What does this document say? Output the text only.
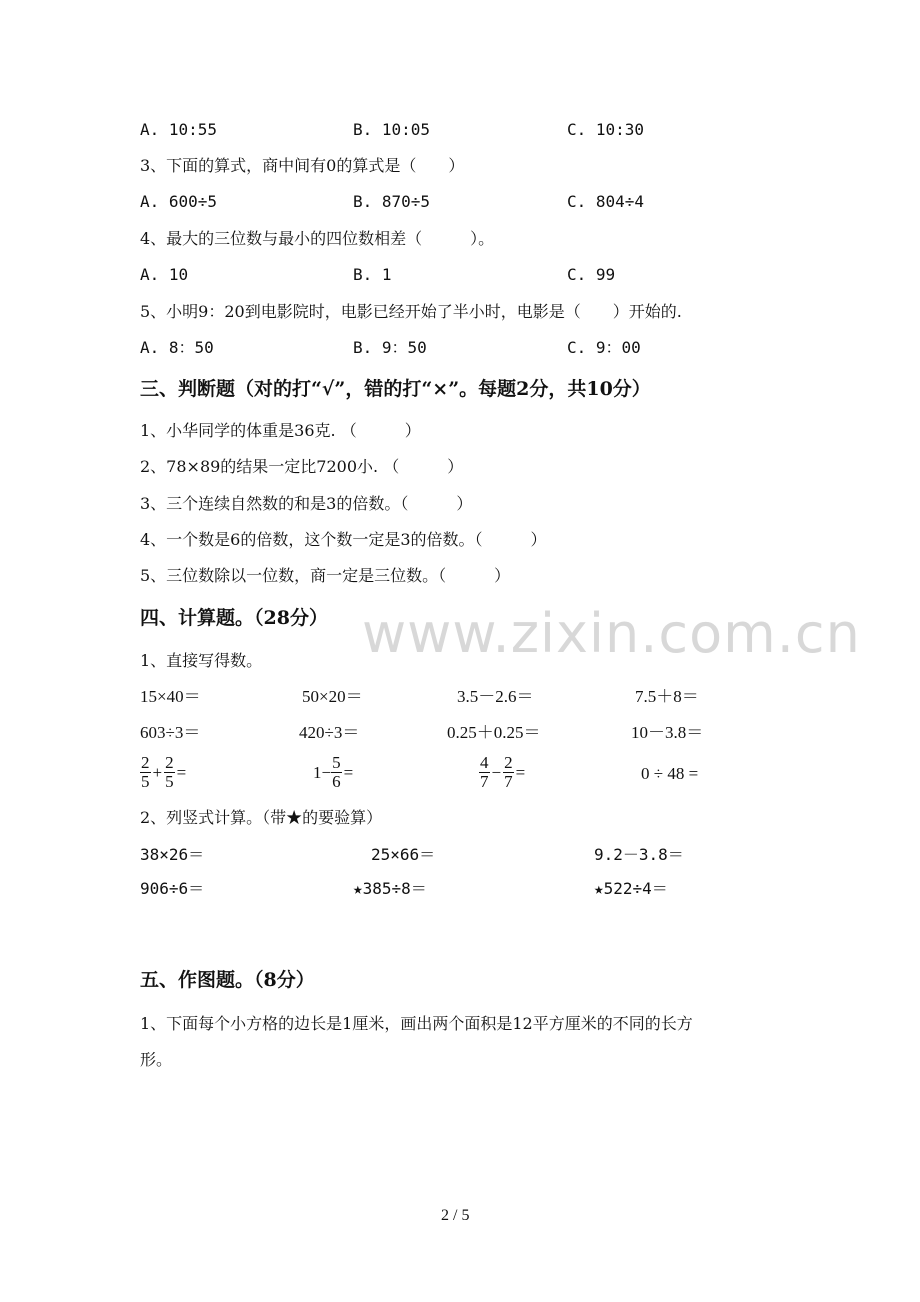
A. 10:55	B. 10:05	C. 10:30
3、下面的算式，商中间有0的算式是（　　）
A. 600÷5	B. 870÷5	C. 804÷4
4、最大的三位数与最小的四位数相差（　　　）。
A. 10	B. 1	C. 99
5、小明9：20到电影院时，电影已经开始了半小时，电影是（　　）开始的.
A. 8：50	B. 9：50	C. 9：00
三、判断题（对的打“√”，错的打“×”。每题2分，共10分）
1、小华同学的体重是36克. （　　　）
2、78×89的结果一定比7200小. （　　　）
3、三个连续自然数的和是3的倍数。（　　　）
4、一个数是6的倍数，这个数一定是3的倍数。（　　　）
5、三位数除以一位数，商一定是三位数。（　　　）
www.zixin.com.cn
四、计算题。（28分）
1、直接写得数。
15×40＝	50×20＝	3.5－2.6＝	7.5＋8＝
603÷3＝	420÷3＝	0.25＋0.25＝	10－3.8＝
$\frac{2}{5} + \frac{2}{5}$ =	$1- \frac{5}{6}$ =	$\frac{4}{7} - \frac{2}{7}$ =	0 ÷ 48 =
2、列竖式计算。（带★的要验算）
38×26＝	25×66＝	9.2－3.8＝
906÷6＝	★385÷8＝	★522÷4＝
五、作图题。（8分）
1、下面每个小方格的边长是1厘米，画出两个面积是12平方厘米的不同的长方
形。
2 / 5
